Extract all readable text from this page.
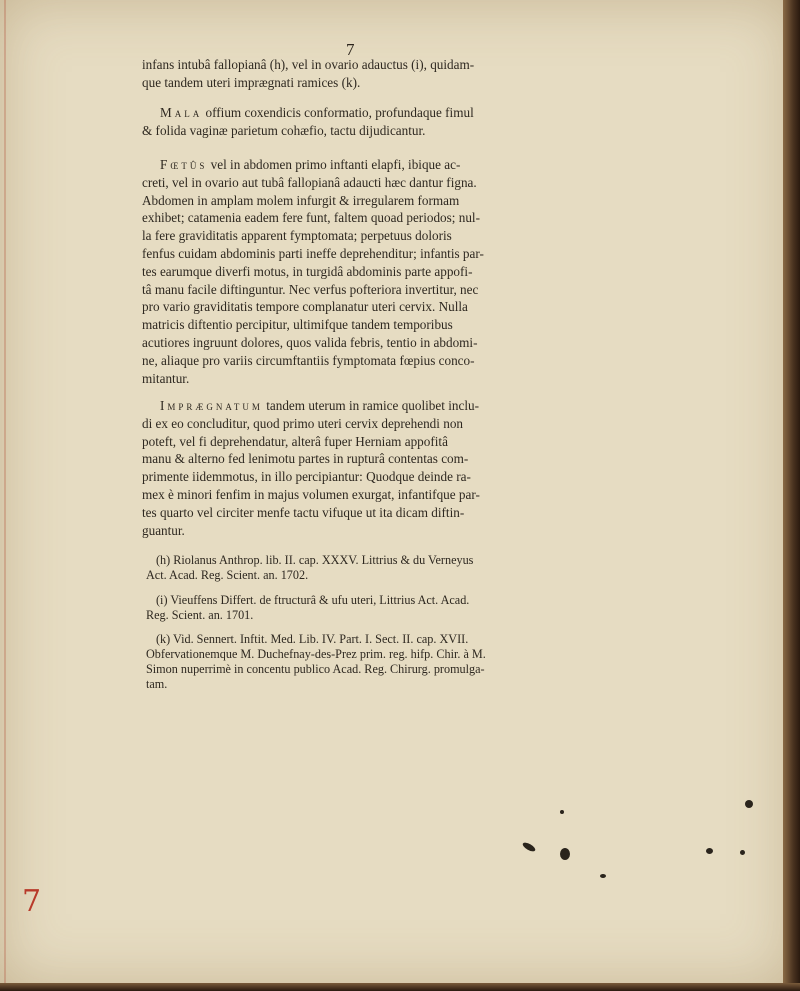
7
infans intubâ fallopianâ (h), vel in ovario adauctus (i), quidam-
que tandem uteri imprægnati ramices (k).
Mala offium coxendicis conformatio, profundaque fimul
& folida vaginæ parietum cohæfio, tactu dijudicantur.
Fœtûs vel in abdomen primo inftanti elapfi, ibique ac-
creti, vel in ovario aut tubâ fallopianâ adaucti hæc dantur figna.
Abdomen in amplam molem infurgit & irregularem formam
exhibet; catamenia eadem fere funt, faltem quoad periodos; nul-
la fere graviditatis apparent fymptomata; perpetuus doloris
fenfus cuidam abdominis parti ineffe deprehenditur; infantis par-
tes earumque diverfi motus, in turgidâ abdominis parte appofi-
tâ manu facile diftinguntur. Nec verfus pofteriora invertitur, nec
pro vario graviditatis tempore complanatur uteri cervix. Nulla
matricis diftentio percipitur, ultimifque tandem temporibus
acutiores ingruunt dolores, quos valida febris, tentio in abdomi-
ne, aliaque pro variis circumftantiis fymptomata fœpius conco-
mitantur.
Imprægnatum tandem uterum in ramice quolibet inclu-
di ex eo concluditur, quod primo uteri cervix deprehendi non
poteft, vel fi deprehendatur, alterâ fuper Herniam appofitâ
manu & alterno fed lenimotu partes in rupturâ contentas com-
primente iidemmotus, in illo percipiantur: Quodque deinde ra-
mex è minori fenfim in majus volumen exurgat, infantifque par-
tes quarto vel circiter menfe tactu vifuque ut ita dicam diftin-
guantur.
(h) Riolanus Anthrop. lib. II. cap. XXXV. Littrius & du Verneyus
Act. Acad. Reg. Scient. an. 1702.
(i) Vieuffens Differt. de ftructurâ & ufu uteri, Littrius Act. Acad.
Reg. Scient. an. 1701.
(k) Vid. Sennert. Inftit. Med. Lib. IV. Part. I. Sect. II. cap. XVII.
Obfervationemque M. Duchefnay-des-Prez prim. reg. hifp. Chir. à M.
Simon nuperrimè in concentu publico Acad. Reg. Chirurg. promulga-
tam.
7
